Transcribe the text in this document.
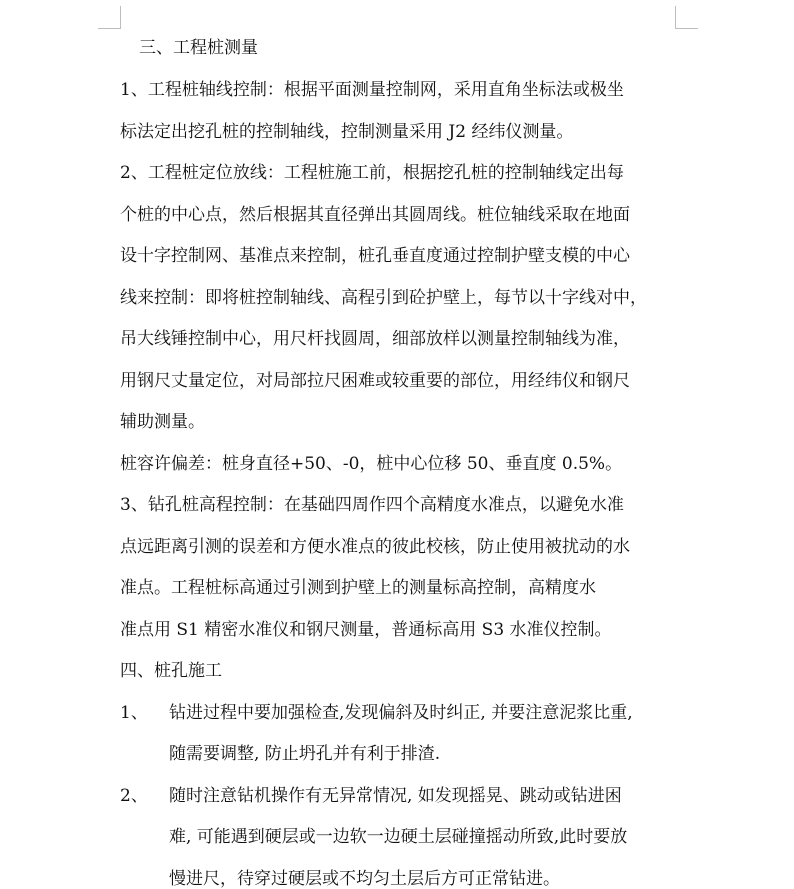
三、工程桩测量
1、工程桩轴线控制：根据平面测量控制网，采用直角坐标法或极坐
标法定出挖孔桩的控制轴线，控制测量采用 J2 经纬仪测量。
2、工程桩定位放线：工程桩施工前，根据挖孔桩的控制轴线定出每
个桩的中心点，然后根据其直径弹出其圆周线。桩位轴线采取在地面
设十字控制网、基准点来控制，桩孔垂直度通过控制护壁支模的中心
线来控制：即将桩控制轴线、高程引到砼护壁上，每节以十字线对中，
吊大线锤控制中心，用尺杆找圆周，细部放样以测量控制轴线为准，
用钢尺丈量定位，对局部拉尺困难或较重要的部位，用经纬仪和钢尺
辅助测量。
桩容许偏差：桩身直径+50、-0，桩中心位移 50、垂直度 0.5%。
3、钻孔桩高程控制：在基础四周作四个高精度水准点，以避免水准
点远距离引测的误差和方便水准点的彼此校核，防止使用被扰动的水
准点。工程桩标高通过引测到护壁上的测量标高控制，高精度水
准点用 S1 精密水准仪和钢尺测量，普通标高用 S3 水准仪控制。
四、桩孔施工
1、 钻进过程中要加强检查,发现偏斜及时纠正, 并要注意泥浆比重,
随需要调整, 防止坍孔并有利于排渣.
2、 随时注意钻机操作有无异常情况, 如发现摇晃、跳动或钻进困
难, 可能遇到硬层或一边软一边硬土层碰撞摇动所致,此时要放
慢进尺，待穿过硬层或不均匀土层后方可正常钻进。
